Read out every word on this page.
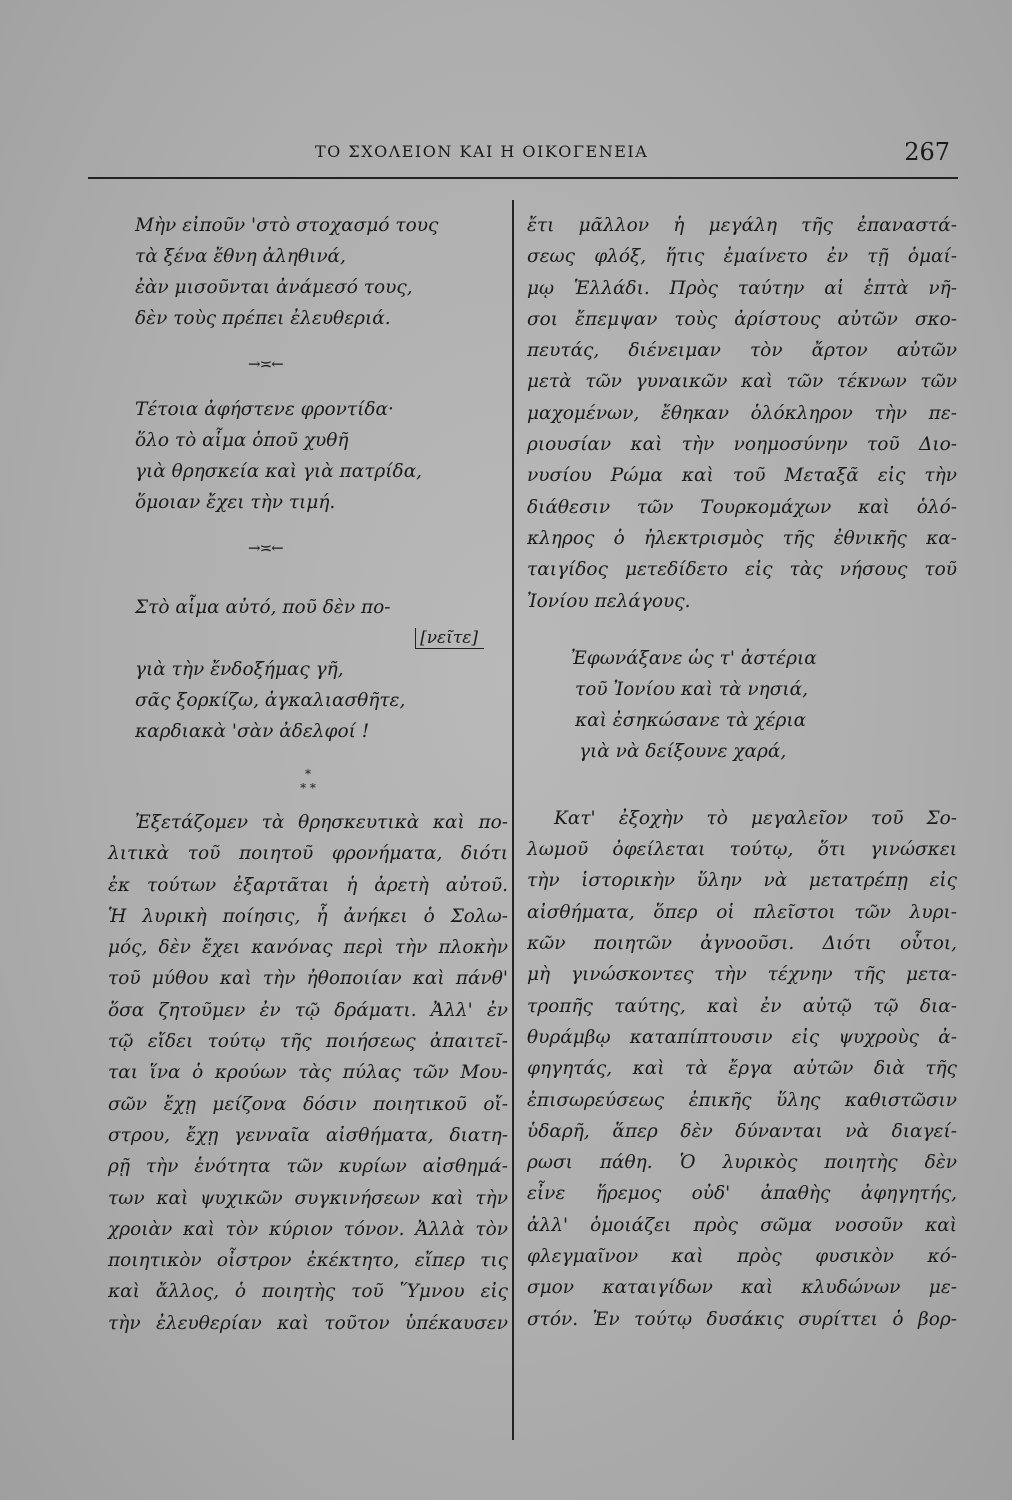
ΤΟ ΣΧΟΛΕΙΟΝ ΚΑΙ Η ΟΙΚΟΓΕΝΕΙΑ	267
Μὴν εἰποῦν 'στὸ στοχασμό τους
τὰ ξένα ἔθνη ἀληθινά,
ἐὰν μισοῦνται ἀνάμεσό τους,
δὲν τοὺς πρέπει ἐλευθεριά.
→≍←
Τέτοια ἀφήστενε φροντίδα·
ὅλο τὸ αἷμα ὁποῦ χυθῆ
γιὰ θρησκεία καὶ γιὰ πατρίδα,
ὅμοιαν ἔχει τὴν τιμή.
→≍←
Στὸ αἷμα αὐτό, ποῦ δὲν πο-
[νεῖτε]
γιὰ τὴν ἔνδοξήμας γῆ,
σᾶς ξορκίζω, ἀγκαλιασθῆτε,
καρδιακὰ 'σὰν ἀδελφοί !
*
* *
Ἐξετάζομεν τὰ θρησκευτικὰ καὶ πο-
λιτικὰ τοῦ ποιητοῦ φρονήματα, διότι
ἐκ τούτων ἐξαρτᾶται ἡ ἀρετὴ αὐτοῦ.
Ἡ λυρικὴ ποίησις, ἧ ἀνήκει ὁ Σολω-
μός, δὲν ἔχει κανόνας περὶ τὴν πλοκὴν
τοῦ μύθου καὶ τὴν ἠθοποιίαν καὶ πάνθ'
ὅσα ζητοῦμεν ἐν τῷ δράματι. Ἀλλ' ἐν
τῷ εἴδει τούτῳ τῆς ποιήσεως ἀπαιτεῖ-
ται ἵνα ὁ κρούων τὰς πύλας τῶν Μου-
σῶν ἔχῃ μείζονα δόσιν ποιητικοῦ οἴ-
στρου, ἔχῃ γενναῖα αἰσθήματα, διατη-
ρῇ τὴν ἑνότητα τῶν κυρίων αἰσθημά-
των καὶ ψυχικῶν συγκινήσεων καὶ τὴν
χροιὰν καὶ τὸν κύριον τόνον. Ἀλλὰ τὸν
ποιητικὸν οἶστρον ἐκέκτητο, εἴπερ τις
καὶ ἄλλος, ὁ ποιητὴς τοῦ Ὕμνου εἰς
τὴν ἐλευθερίαν καὶ τοῦτον ὑπέκαυσεν
ἔτι μᾶλλον ἡ μεγάλη τῆς ἐπαναστά-
σεως φλόξ, ἥτις ἐμαίνετο ἐν τῇ ὁμαί-
μῳ Ἑλλάδι. Πρὸς ταύτην αἱ ἑπτὰ νῆ-
σοι ἔπεμψαν τοὺς ἀρίστους αὐτῶν σκο-
πευτάς, διένειμαν τὸν ἄρτον αὐτῶν
μετὰ τῶν γυναικῶν καὶ τῶν τέκνων τῶν
μαχομένων, ἔθηκαν ὁλόκληρον τὴν πε-
ριουσίαν καὶ τὴν νοημοσύνην τοῦ Διο-
νυσίου Ρώμα καὶ τοῦ Μεταξᾶ εἰς τὴν
διάθεσιν τῶν Τουρκομάχων καὶ ὁλό-
κληρος ὁ ἠλεκτρισμὸς τῆς ἐθνικῆς κα-
ταιγίδος μετεδίδετο εἰς τὰς νήσους τοῦ
Ἰονίου πελάγους.
Ἐφωνάξανε ὡς τ' ἀστέρια
τοῦ Ἰονίου καὶ τὰ νησιά,
καὶ ἐσηκώσανε τὰ χέρια
γιὰ νὰ δείξουνε χαρά,
Κατ' ἐξοχὴν τὸ μεγαλεῖον τοῦ Σο-
λωμοῦ ὀφείλεται τούτῳ, ὅτι γινώσκει
τὴν ἱστορικὴν ὕλην νὰ μετατρέπῃ εἰς
αἰσθήματα, ὅπερ οἱ πλεῖστοι τῶν λυρι-
κῶν ποιητῶν ἀγνοοῦσι. Διότι οὗτοι,
μὴ γινώσκοντες τὴν τέχνην τῆς μετα-
τροπῆς ταύτης, καὶ ἐν αὐτῷ τῷ δια-
θυράμβῳ καταπίπτουσιν εἰς ψυχροὺς ἀ-
φηγητάς, καὶ τὰ ἔργα αὐτῶν διὰ τῆς
ἐπισωρεύσεως ἐπικῆς ὕλης καθιστῶσιν
ὑδαρῆ, ἅπερ δὲν δύνανται νὰ διαγεί-
ρωσι πάθη. Ὁ λυρικὸς ποιητὴς δὲν
εἶνε ἥρεμος οὐδ' ἀπαθὴς ἀφηγητής,
ἀλλ' ὁμοιάζει πρὸς σῶμα νοσοῦν καὶ
φλεγμαῖνον καὶ πρὸς φυσικὸν κό-
σμον καταιγίδων καὶ κλυδώνων με-
στόν. Ἐν τούτῳ δυσάκις συρίττει ὁ βορ-
